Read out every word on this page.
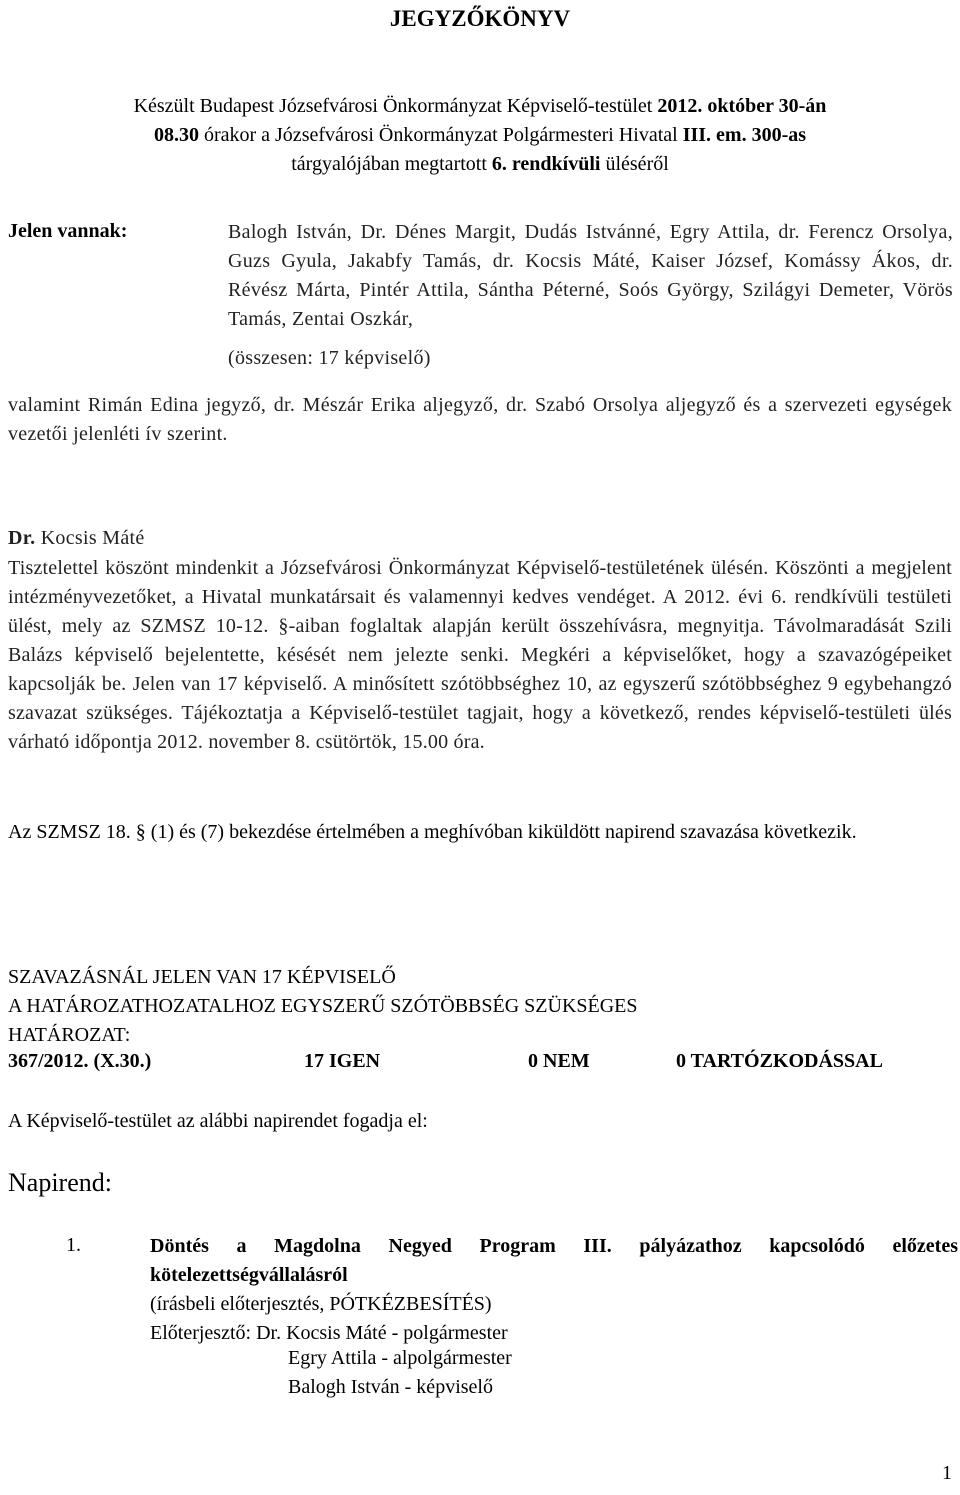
JEGYZŐKÖNYV
Készült Budapest Józsefvárosi Önkormányzat Képviselő-testület 2012. október 30-án 08.30 órakor a Józsefvárosi Önkormányzat Polgármesteri Hivatal III. em. 300-as tárgyalójában megtartott 6. rendkívüli üléséről
Jelen vannak:	Balogh István, Dr. Dénes Margit, Dudás Istvánné, Egry Attila, dr. Ferencz Orsolya, Guzs Gyula, Jakabfy Tamás, dr. Kocsis Máté, Kaiser József, Komássy Ákos, dr. Révész Márta, Pintér Attila, Sántha Péterné, Soós György, Szilágyi Demeter, Vörös Tamás, Zentai Oszkár,
(összesen: 17 képviselő)
valamint Rimán Edina jegyző, dr. Mészár Erika aljegyző, dr. Szabó Orsolya aljegyző és a szervezeti egységek vezetői jelenléti ív szerint.
Dr. Kocsis Máté
Tisztelettel köszönt mindenkit a Józsefvárosi Önkormányzat Képviselő-testületének ülésén. Köszönti a megjelent intézményvezetőket, a Hivatal munkatársait és valamennyi kedves vendéget. A 2012. évi 6. rendkívüli testületi ülést, mely az SZMSZ 10-12. §-aiban foglaltak alapján került összehívásra, megnyitja. Távolmaradását Szili Balázs képviselő bejelentette, késését nem jelezte senki. Megkéri a képviselőket, hogy a szavazógépeiket kapcsolják be. Jelen van 17 képviselő. A minősített szótöbbséghez 10, az egyszerű szótöbbséghez 9 egybehangzó szavazat szükséges. Tájékoztatja a Képviselő-testület tagjait, hogy a következő, rendes képviselő-testületi ülés várható időpontja 2012. november 8. csütörtök, 15.00 óra.
Az SZMSZ 18. § (1) és (7) bekezdése értelmében a meghívóban kiküldött napirend szavazása következik.
SZAVAZÁSNÁL JELEN VAN 17 KÉPVISELŐ
A HATÁROZATHOZATALHOZ EGYSZERŰ SZÓTÖBBSÉG SZÜKSÉGES
HATÁROZAT:
367/2012. (X.30.)	17 IGEN	0 NEM	0 TARTÓZKODÁSSAL
A Képviselő-testület az alábbi napirendet fogadja el:
Napirend:
1.	Döntés a Magdolna Negyed Program III. pályázathoz kapcsolódó előzetes kötelezettségvállalásról
(írásbeli előterjesztés, PÓTKÉZBESÍTÉS)
Előterjesztő: Dr. Kocsis Máté - polgármester
Egry Attila - alpolgármester
Balogh István - képviselő
1
